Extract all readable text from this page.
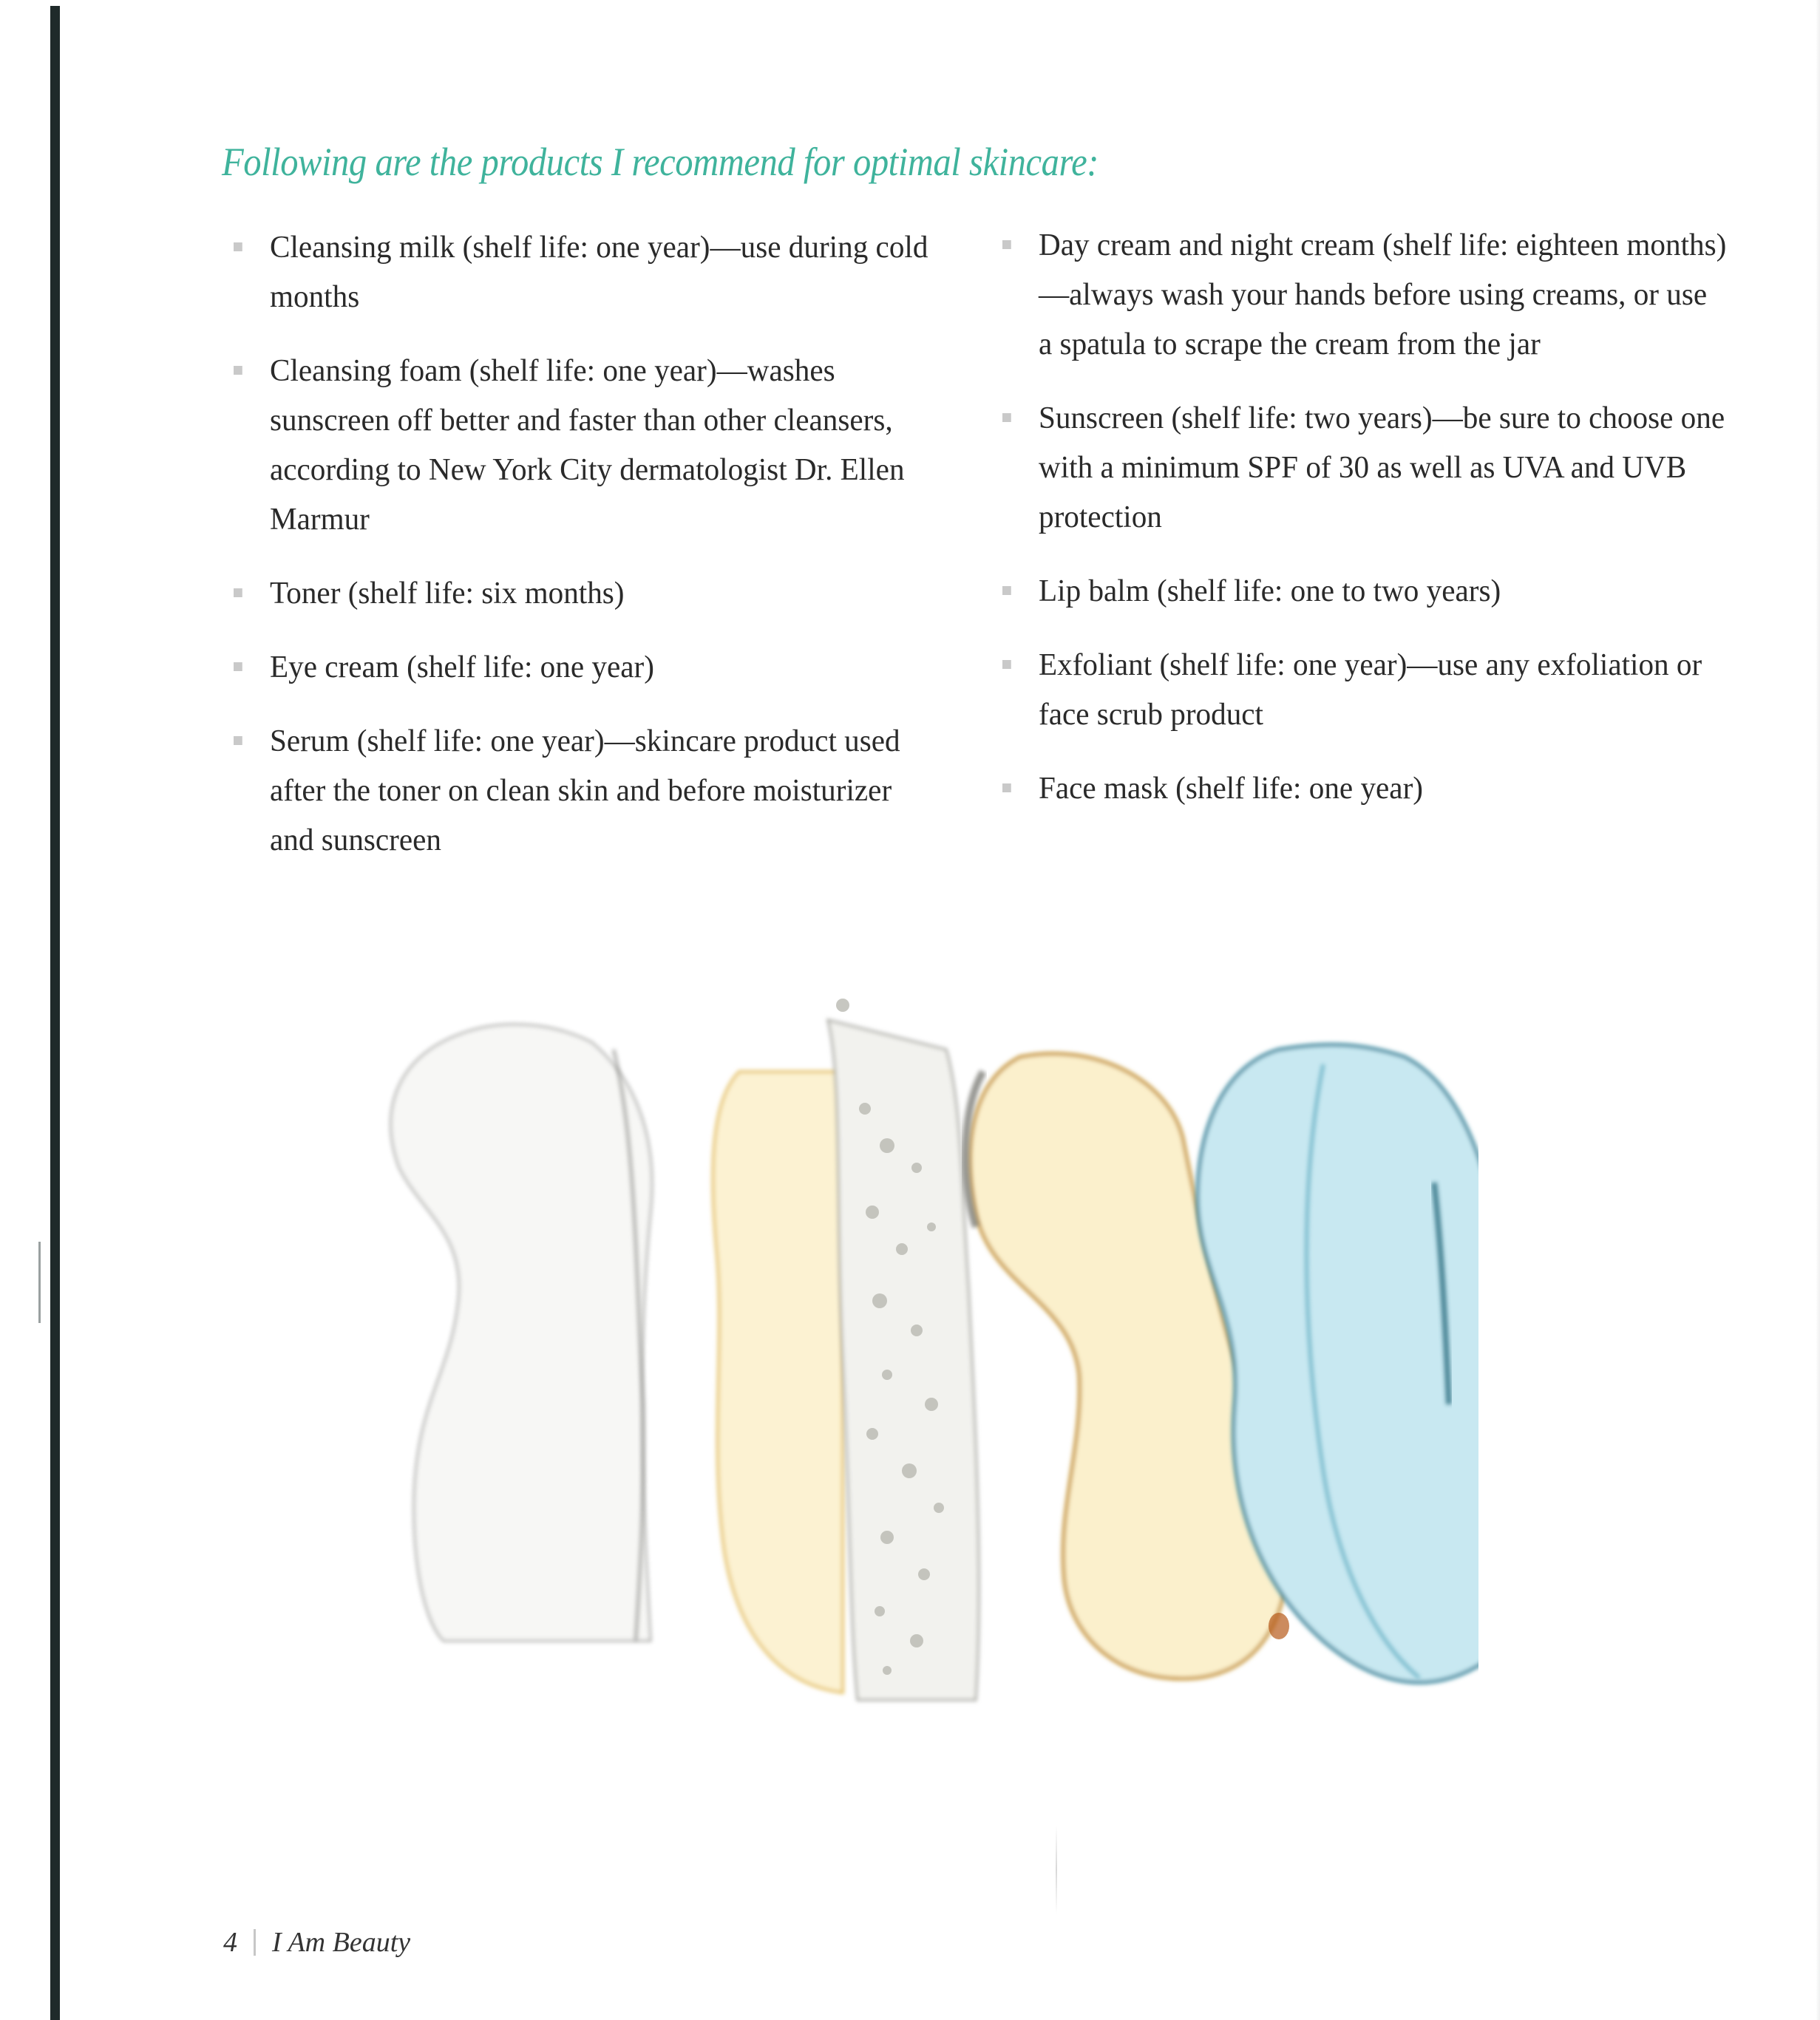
Following are the products I recommend for optimal skincare:
Cleansing milk (shelf life: one year)—use during cold months
Cleansing foam (shelf life: one year)—washes sunscreen off better and faster than other cleansers, according to New York City dermatologist Dr. Ellen Marmur
Toner (shelf life: six months)
Eye cream (shelf life: one year)
Serum (shelf life: one year)—skincare product used after the toner on clean skin and before moisturizer and sunscreen
Day cream and night cream (shelf life: eighteen months)—always wash your hands before using creams, or use a spatula to scrape the cream from the jar
Sunscreen (shelf life: two years)—be sure to choose one with a minimum SPF of 30 as well as UVA and UVB protection
Lip balm (shelf life: one to two years)
Exfoliant (shelf life: one year)—use any exfoliation or face scrub product
Face mask (shelf life: one year)
4 I Am Beauty
